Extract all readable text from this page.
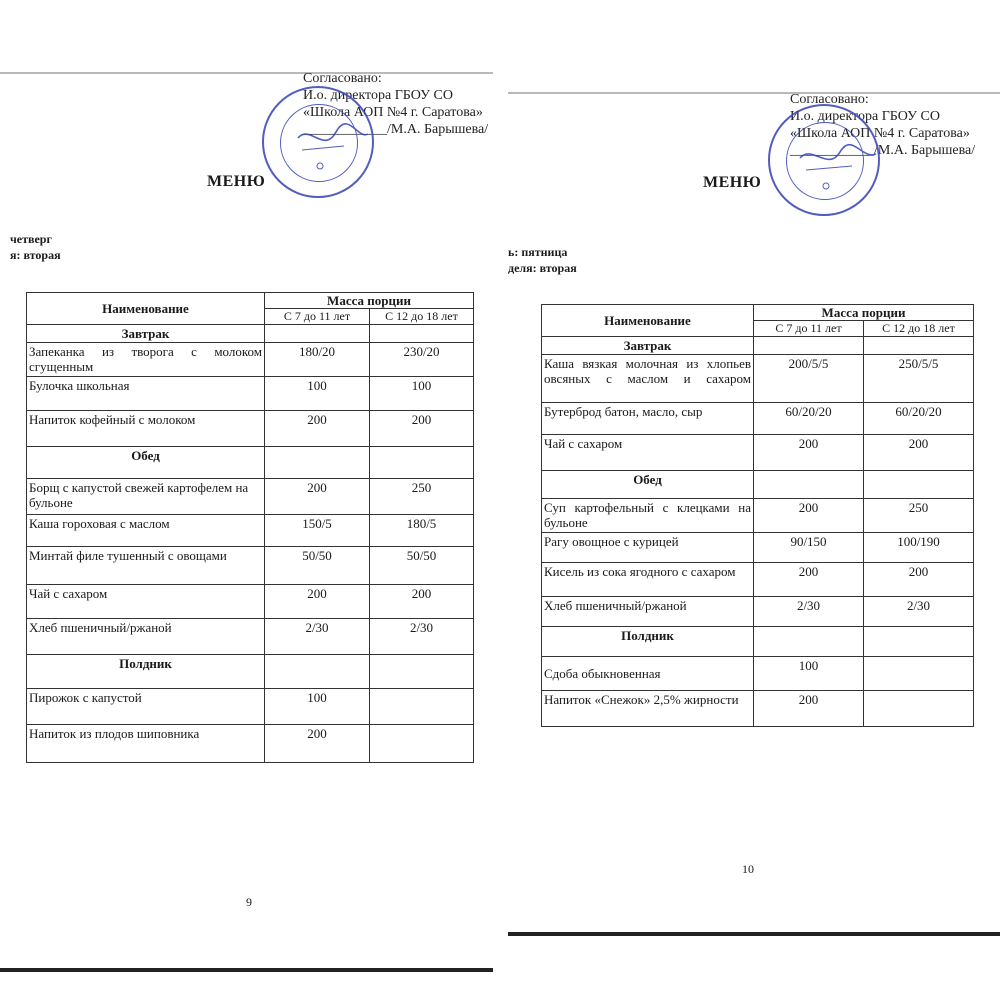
Согласовано:
И.о. директора ГБОУ СО
«Школа АОП №4 г. Саратова»
____________/М.А. Барышева/
МЕНЮ
четверг
я: вторая
Наименование	Масса порции	
	С 7 до 11 лет	С 12 до 18 лет
Завтрак		
Запеканка из творога с молоком сгущенным	180/20	230/20
Булочка школьная	100	100
Напиток кофейный с молоком	200	200
Обед		
Борщ с капустой свежей картофелем на бульоне	200	250
Каша гороховая с маслом	150/5	180/5
Минтай филе тушенный с овощами	50/50	50/50
Чай с сахаром	200	200
Хлеб пшеничный/ржаной	2/30	2/30
Полдник		
Пирожок с капустой	100	
Напиток из плодов шиповника	200	
9
Согласовано:
И.о. директора ГБОУ СО
«Школа АОП №4 г. Саратова»
____________/М.А. Барышева/
МЕНЮ
ь: пятница
деля: вторая
Наименование	Масса порции	
	С 7 до 11 лет	С 12 до 18 лет
Завтрак		
Каша вязкая молочная из хлопьев овсяных с маслом и сахаром	200/5/5	250/5/5
Бутерброд батон, масло, сыр	60/20/20	60/20/20
Чай с сахаром	200	200
Обед		
Суп картофельный с клецками на бульоне	200	250
Рагу овощное с курицей	90/150	100/190
Кисель из сока ягодного с сахаром	200	200
Хлеб пшеничный/ржаной	2/30	2/30
Полдник		
Сдоба обыкновенная	100	
Напиток «Снежок» 2,5% жирности	200	
10
